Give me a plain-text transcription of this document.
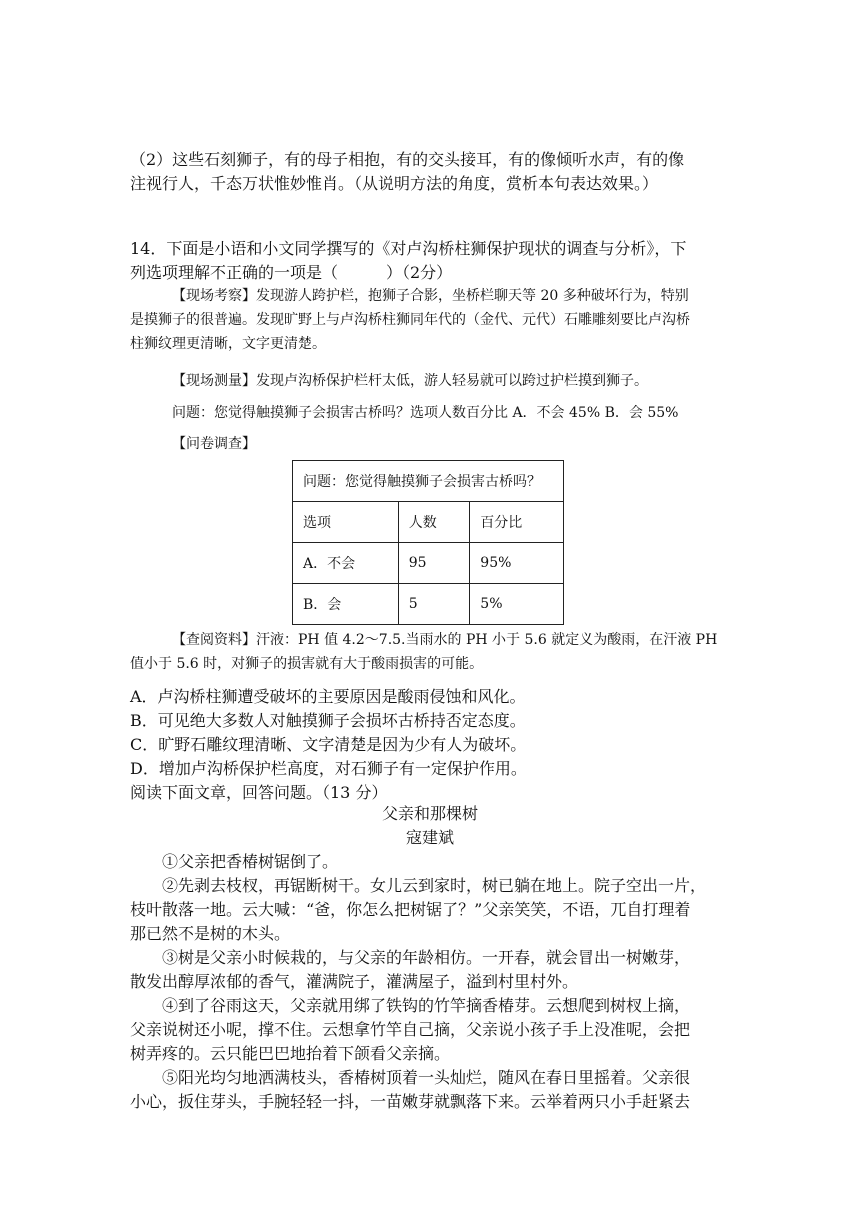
（2）这些石刻狮子，有的母子相抱，有的交头接耳，有的像倾听水声，有的像

注视行人，千态万状惟妙惟肖。（从说明方法的角度，赏析本句表达效果。）

14．下面是小语和小文同学撰写的《对卢沟桥柱狮保护现状的调查与分析》，下

列选项理解不正确的一项是（　　　）（2分）

【现场考察】发现游人跨护栏，抱狮子合影，坐桥栏聊天等 20 多种破坏行为，特别

是摸狮子的很普遍。发现旷野上与卢沟桥柱狮同年代的（金代、元代）石雕雕刻要比卢沟桥

柱狮纹理更清晰，文字更清楚。

【现场测量】发现卢沟桥保护栏杆太低，游人轻易就可以跨过护栏摸到狮子。

问题：您觉得触摸狮子会损害古桥吗？选项人数百分比 A．不会 45% B．会 55%

【问卷调查】

问题：您觉得触摸狮子会损害古桥吗？		
选项	人数	百分比
A．不会	95	95%
B．会	5	5%

【查阅资料】汗液：PH 值 4.2～7.5.当雨水的 PH 小于 5.6 就定义为酸雨，在汗液 PH

值小于 5.6 时，对狮子的损害就有大于酸雨损害的可能。

A．卢沟桥柱狮遭受破坏的主要原因是酸雨侵蚀和风化。

B．可见绝大多数人对触摸狮子会损坏古桥持否定态度。

C．旷野石雕纹理清晰、文字清楚是因为少有人为破坏。

D．增加卢沟桥保护栏高度，对石狮子有一定保护作用。

阅读下面文章，回答问题。（13 分）

父亲和那棵树
寇建斌

①父亲把香椿树锯倒了。

②先剥去枝杈，再锯断树干。女儿云到家时，树已躺在地上。院子空出一片，

枝叶散落一地。云大喊：“爸，你怎么把树锯了？”父亲笑笑，不语，兀自打理着

那已然不是树的木头。

③树是父亲小时候栽的，与父亲的年龄相仿。一开春，就会冒出一树嫩芽，

散发出醇厚浓郁的香气，灌满院子，灌满屋子，溢到村里村外。

④到了谷雨这天，父亲就用绑了铁钩的竹竿摘香椿芽。云想爬到树杈上摘，

父亲说树还小呢，撑不住。云想拿竹竿自己摘，父亲说小孩子手上没准呢，会把

树弄疼的。云只能巴巴地抬着下颌看父亲摘。

⑤阳光均匀地洒满枝头，香椿树顶着一头灿烂，随风在春日里摇着。父亲很

小心，扳住芽头，手腕轻轻一抖，一苗嫩芽就飘落下来。云举着两只小手赶紧去
